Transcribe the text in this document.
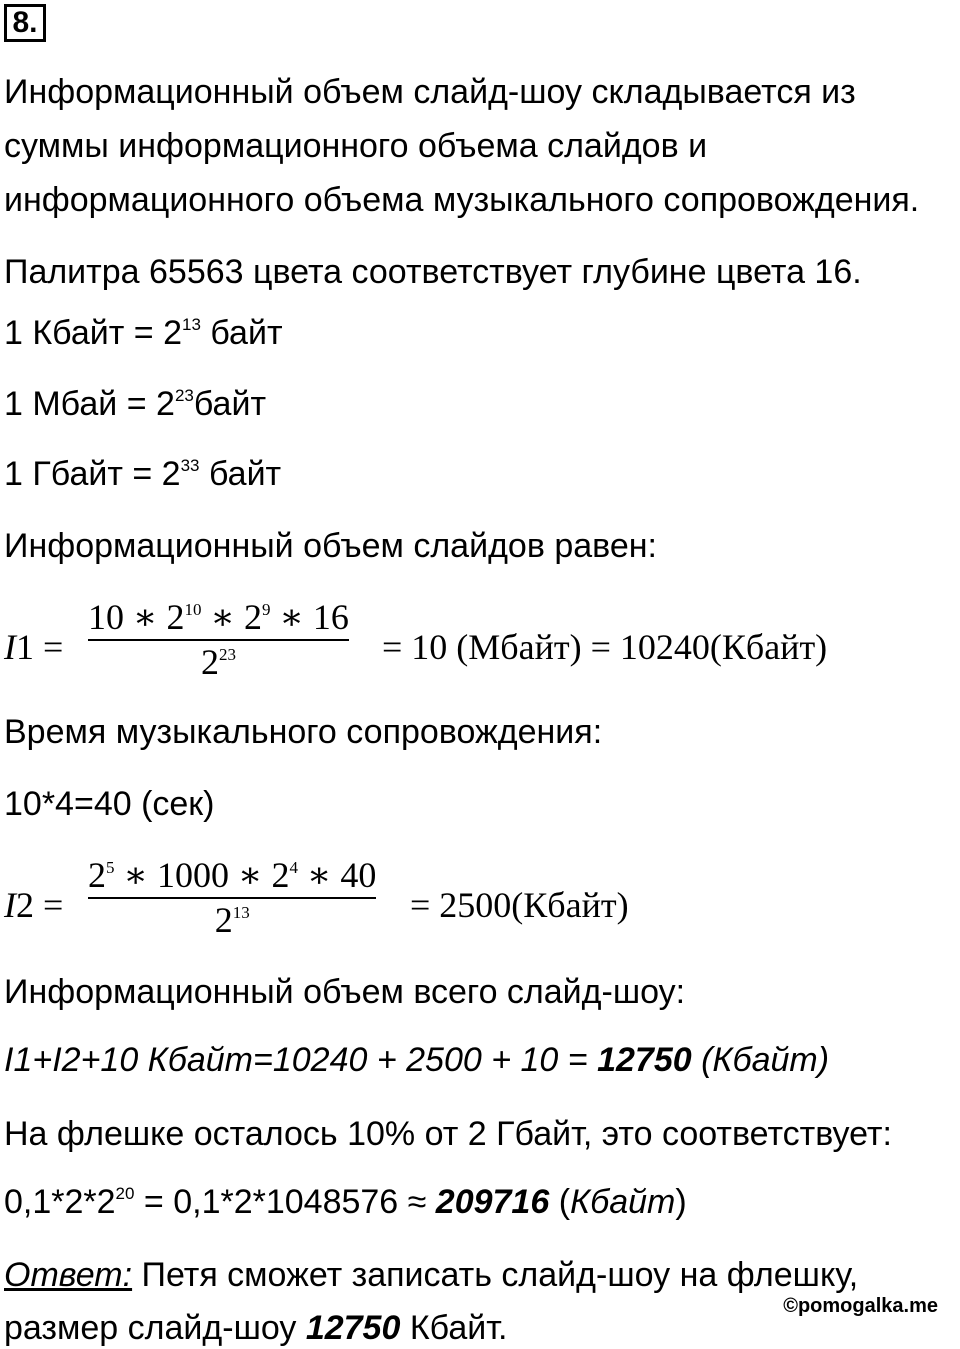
8.
Информационный объем слайд-шоу складывается из
суммы информационного объема слайдов и
информационного объема музыкального сопровождения.
Палитра 65563 цвета соответствует глубине цвета 16.
1 Кбайт = $2^{13}$ байт
1 Мбай = $2^{23}байт$
1 Гбайт = $2^{33}$ байт
Информационный объем слайдов равен:
I1 =
10 ∗ $2^{10}$ ∗ $2^9$ ∗ 16
$2^{23}$	= 10 (Мбайт) = 10240(Кбайт)
Время музыкального сопровождения:
10*4=40 (сек)
I2 =
$2^5$ ∗ 1000 ∗ $2^4$ ∗ 40
$2^{13}$	= 2500(Кбайт)
Информационный объем всего слайд-шоу:
I1+I2+10 Кбайт=10240 + 2500 + 10 = 12750 (Кбайт)
На флешке осталось 10% от 2 Гбайт, это соответствует:
$0,1*2*2^{20} = 0,1*2*1048576 \approx 209716$ (Кбайт)
Ответ: Петя сможет записать слайд-шоу на флешку,
размер слайд-шоу 12750 Кбайт.
©pomogalka.me
